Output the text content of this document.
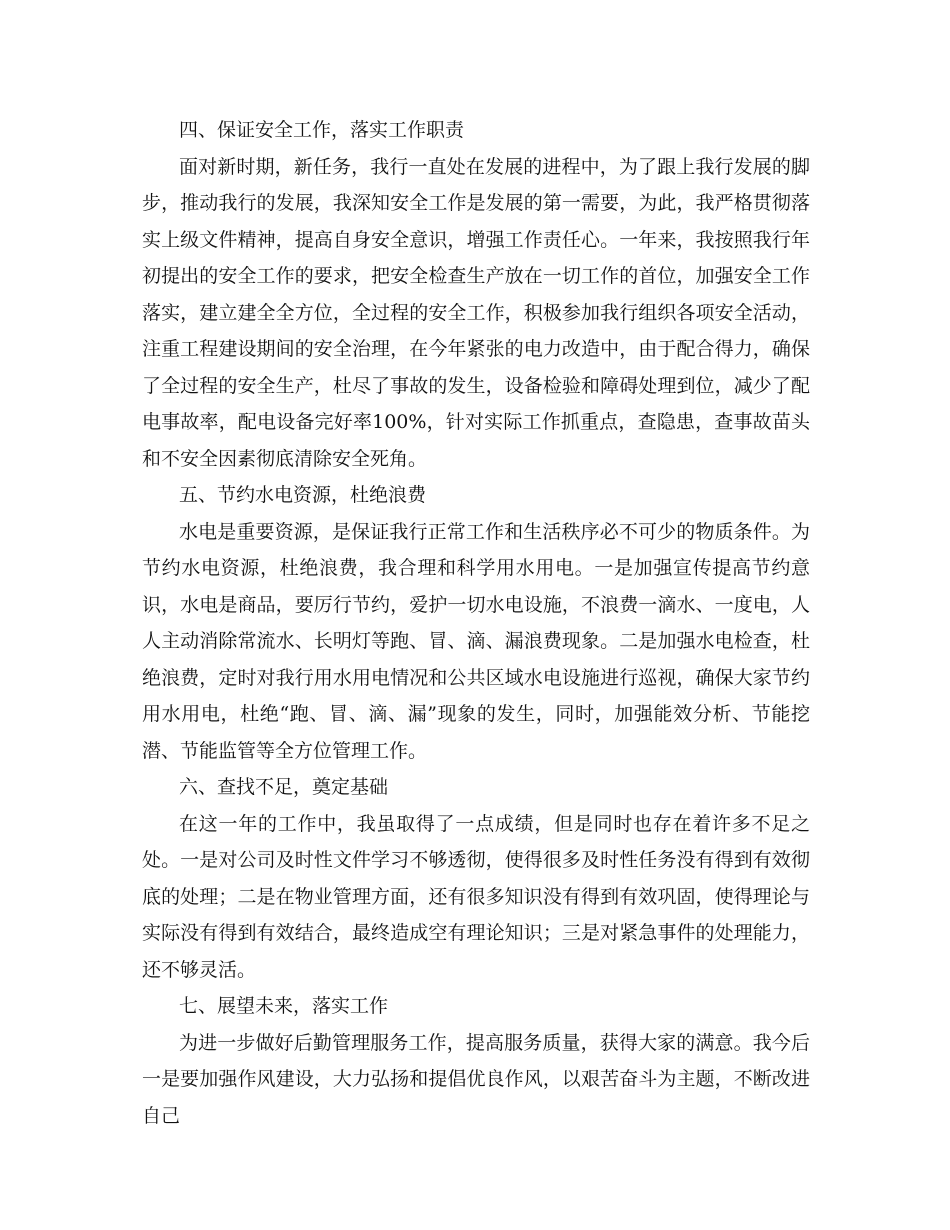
四、保证安全工作，落实工作职责

面对新时期，新任务，我行一直处在发展的进程中，为了跟上我行发展的脚步，推动我行的发展，我深知安全工作是发展的第一需要，为此，我严格贯彻落实上级文件精神，提高自身安全意识，增强工作责任心。一年来，我按照我行年初提出的安全工作的要求，把安全检查生产放在一切工作的首位，加强安全工作落实，建立建全全方位，全过程的安全工作，积极参加我行组织各项安全活动，注重工程建设期间的安全治理，在今年紧张的电力改造中，由于配合得力，确保了全过程的安全生产，杜尽了事故的发生，设备检验和障碍处理到位，减少了配电事故率，配电设备完好率100%，针对实际工作抓重点，查隐患，查事故苗头和不安全因素彻底清除安全死角。

五、节约水电资源，杜绝浪费

水电是重要资源，是保证我行正常工作和生活秩序必不可少的物质条件。为节约水电资源，杜绝浪费，我合理和科学用水用电。一是加强宣传提高节约意识，水电是商品，要厉行节约，爱护一切水电设施，不浪费一滴水、一度电，人人主动消除常流水、长明灯等跑、冒、滴、漏浪费现象。二是加强水电检查，杜绝浪费，定时对我行用水用电情况和公共区域水电设施进行巡视，确保大家节约用水用电，杜绝“跑、冒、滴、漏”现象的发生，同时，加强能效分析、节能挖潜、节能监管等全方位管理工作。

六、查找不足，奠定基础

在这一年的工作中，我虽取得了一点成绩，但是同时也存在着许多不足之处。一是对公司及时性文件学习不够透彻，使得很多及时性任务没有得到有效彻底的处理；二是在物业管理方面，还有很多知识没有得到有效巩固，使得理论与实际没有得到有效结合，最终造成空有理论知识；三是对紧急事件的处理能力，还不够灵活。

七、展望未来，落实工作

为进一步做好后勤管理服务工作，提高服务质量，获得大家的满意。我今后一是要加强作风建设，大力弘扬和提倡优良作风，以艰苦奋斗为主题，不断改进自己
